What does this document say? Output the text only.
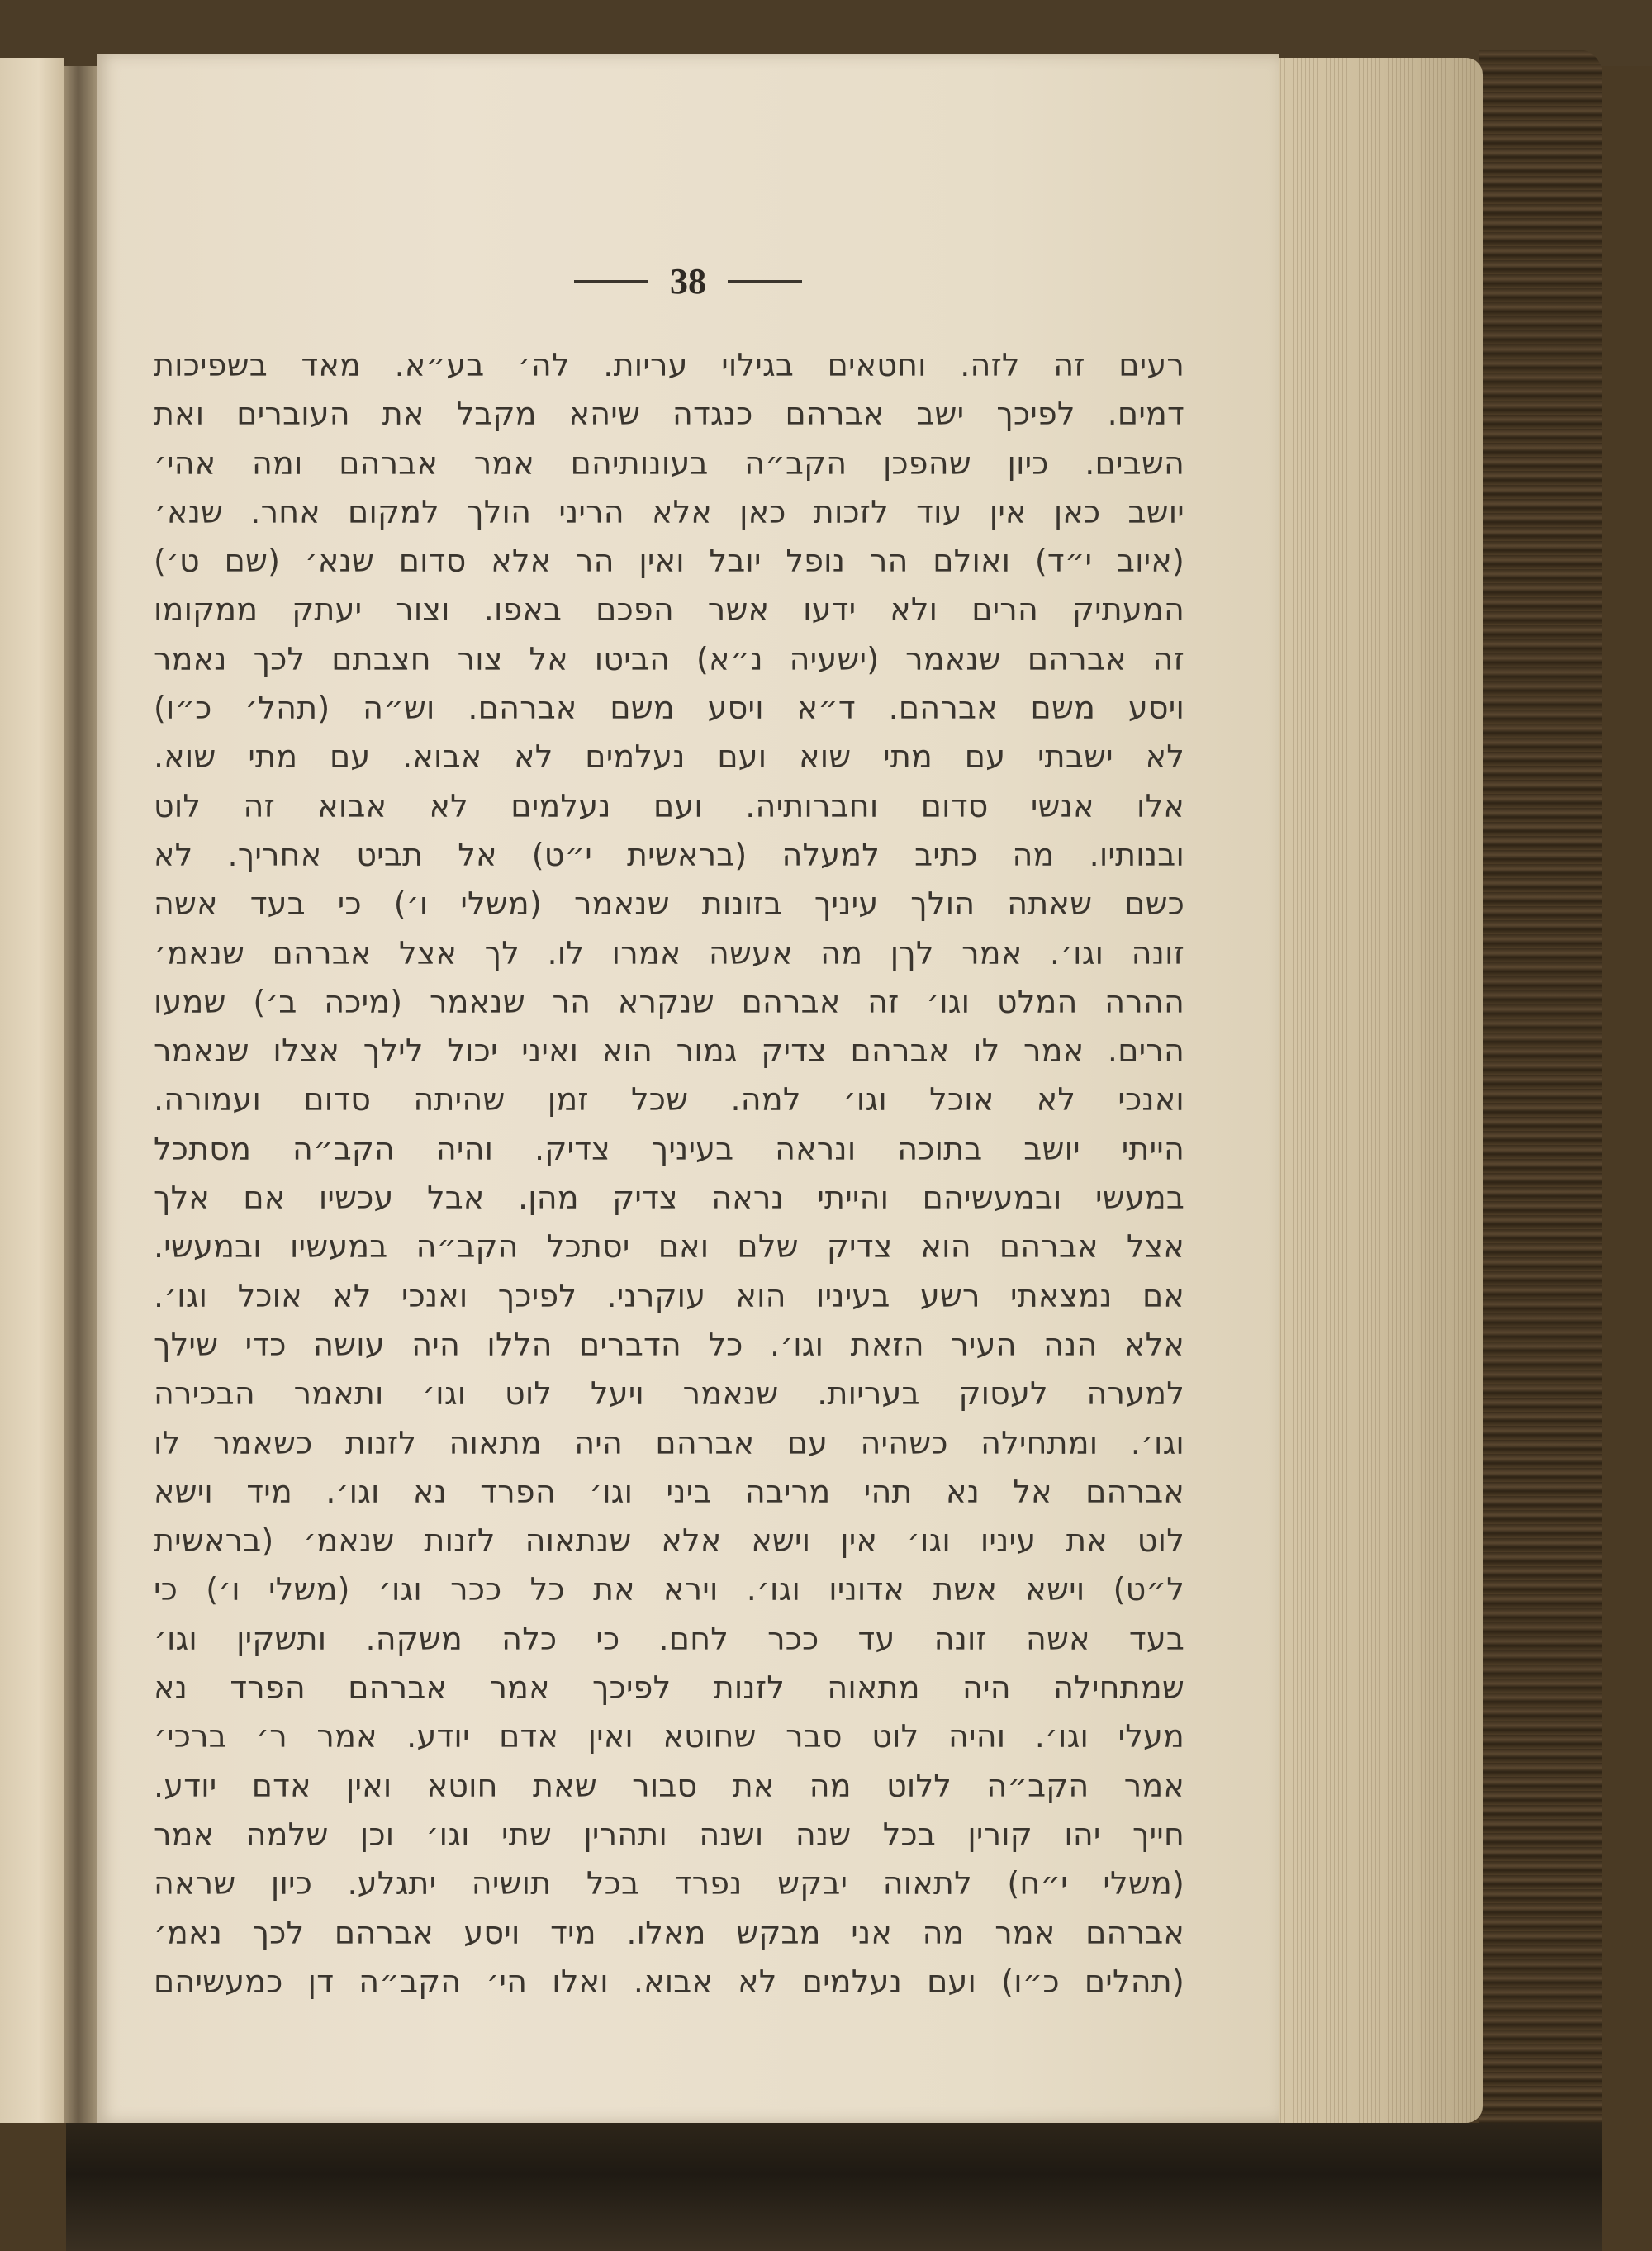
38
רעים זה לזה. וחטאים בגילוי עריות. לה׳ בע״א. מאד בשפיכות
דמים. לפיכך ישב אברהם כנגדה שיהא מקבל את העוברים ואת
השבים. כיון שהפכן הקב״ה בעונותיהם אמר אברהם ומה אהי׳
יושב כאן אין עוד לזכות כאן אלא הריני הולך למקום אחר. שנא׳
(איוב י״ד) ואולם הר נופל יובל ואין הר אלא סדום שנא׳ (שם ט׳)
המעתיק הרים ולא ידעו אשר הפכם באפו. וצור יעתק ממקומו
זה אברהם שנאמר (ישעיה נ״א) הביטו אל צור חצבתם לכך נאמר
ויסע משם אברהם. ד״א ויסע משם אברהם. וש״ה (תהל׳ כ״ו)
לא ישבתי עם מתי שוא ועם נעלמים לא אבוא. עם מתי שוא.
אלו אנשי סדום וחברותיה. ועם נעלמים לא אבוא זה לוט
ובנותיו. מה כתיב למעלה (בראשית י״ט) אל תביט אחריך. לא
כשם שאתה הולך עיניך בזונות שנאמר (משלי ו׳) כי בעד אשה
זונה וגו׳. אמר לךן מה אעשה אמרו לו. לך אצל אברהם שנאמ׳
ההרה המלט וגו׳ זה אברהם שנקרא הר שנאמר (מיכה ב׳) שמעו
הרים. אמר לו אברהם צדיק גמור הוא ואיני יכול לילך אצלו שנאמר
ואנכי לא אוכל וגו׳ למה. שכל זמן שהיתה סדום ועמורה.
הייתי יושב בתוכה ונראה בעיניך צדיק. והיה הקב״ה מסתכל
במעשי ובמעשיהם והייתי נראה צדיק מהן. אבל עכשיו אם אלך
אצל אברהם הוא צדיק שלם ואם יסתכל הקב״ה במעשיו ובמעשי.
אם נמצאתי רשע בעיניו הוא עוקרני. לפיכך ואנכי לא אוכל וגו׳.
אלא הנה העיר הזאת וגו׳. כל הדברים הללו היה עושה כדי שילך
למערה לעסוק בעריות. שנאמר ויעל לוט וגו׳ ותאמר הבכירה
וגו׳. ומתחילה כשהיה עם אברהם היה מתאוה לזנות כשאמר לו
אברהם אל נא תהי מריבה ביני וגו׳ הפרד נא וגו׳. מיד וישא
לוט את עיניו וגו׳ אין וישא אלא שנתאוה לזנות שנאמ׳ (בראשית
ל״ט) וישא אשת אדוניו וגו׳. וירא את כל ככר וגו׳ (משלי ו׳) כי
בעד אשה זונה עד ככר לחם. כי כלה משקה. ותשקין וגו׳
שמתחילה היה מתאוה לזנות לפיכך אמר אברהם הפרד נא
מעלי וגו׳. והיה לוט סבר שחוטא ואין אדם יודע. אמר ר׳ ברכי׳
אמר הקב״ה ללוט מה את סבור שאת חוטא ואין אדם יודע.
חייך יהו קורין בכל שנה ושנה ותהרין שתי וגו׳ וכן שלמה אמר
(משלי י״ח) לתאוה יבקש נפרד בכל תושיה יתגלע. כיון שראה
אברהם אמר מה אני מבקש מאלו. מיד ויסע אברהם לכך נאמ׳
(תהלים כ״ו) ועם נעלמים לא אבוא. ואלו הי׳ הקב״ה דן כמעשיהם
